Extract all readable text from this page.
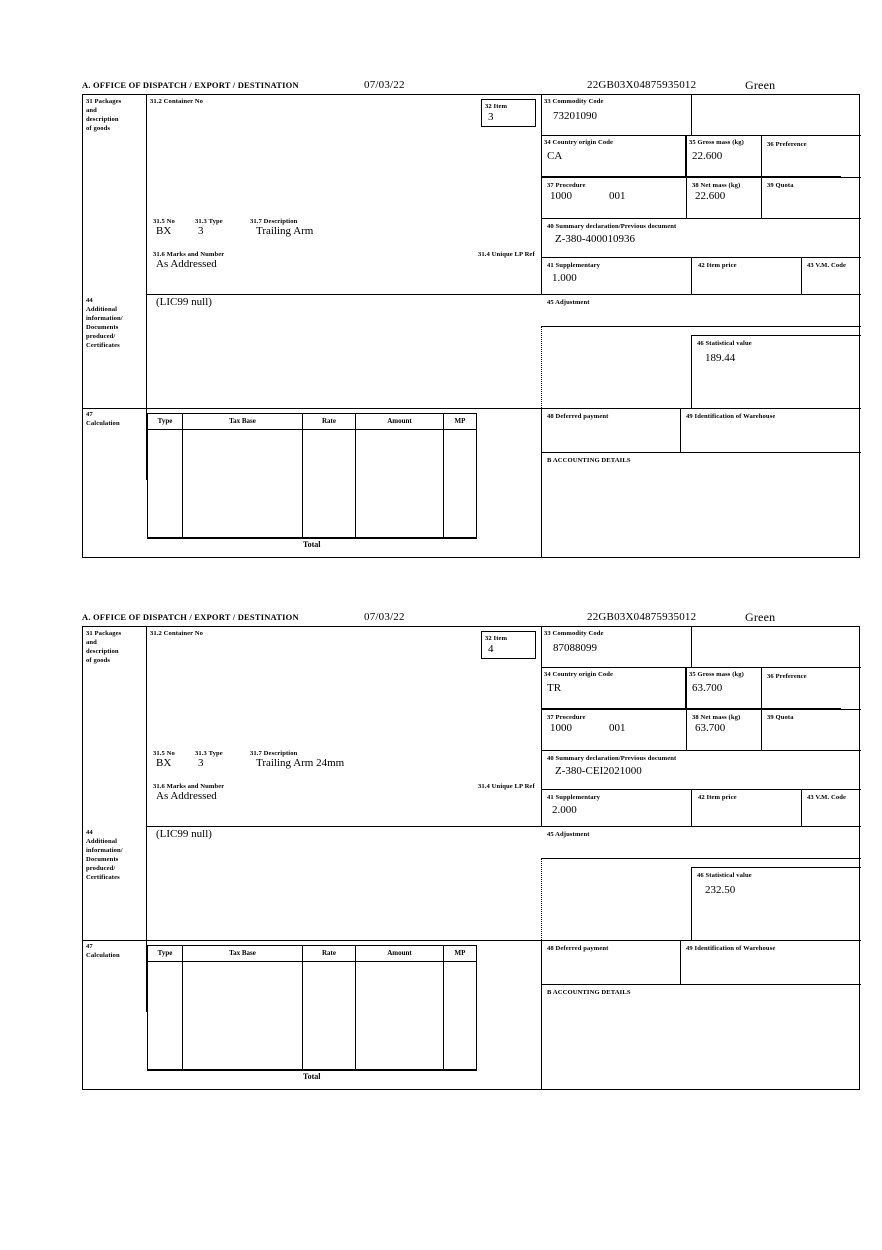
A. OFFICE OF DISPATCH / EXPORT / DESTINATION	07/03/22	22GB03X04875935012	Green
31 Packages
and
description
of goods
31.2 Container No
31.5 No	31.3 Type	31.7 Description
BX	3	Trailing Arm
31.6 Marks and Number	31.4 Unique LP Ref
As Addressed
32 Item
3
33 Commodity Code
73201090
34 Country origin Code
CA
35 Gross mass (kg)
22.600
36 Preference
37 Procedure
1000	001
38 Net mass (kg)
22.600
39 Quota
40 Summary declaration/Previous document
Z-380-400010936
41 Supplementary
1.000
42 Item price	43 V.M. Code
45 Adjustment
46 Statistical value
189.44
44
Additional
information/
Documents
produced/
Certificates
(LIC99 null)
47
Calculation	Type	Tax Base	Rate	Amount	MP
Total
48 Deferred payment	49 Identification of Warehouse
B ACCOUNTING DETAILS
A. OFFICE OF DISPATCH / EXPORT / DESTINATION	07/03/22	22GB03X04875935012	Green
31 Packages
and
description
of goods
31.2 Container No
31.5 No	31.3 Type	31.7 Description
BX	3	Trailing Arm 24mm
31.6 Marks and Number	31.4 Unique LP Ref
As Addressed
32 Item
4
33 Commodity Code
87088099
34 Country origin Code
TR
35 Gross mass (kg)
63.700
36 Preference
37 Procedure
1000	001
38 Net mass (kg)
63.700
39 Quota
40 Summary declaration/Previous document
Z-380-CEI2021000
41 Supplementary
2.000
42 Item price	43 V.M. Code
45 Adjustment
46 Statistical value
232.50
44
Additional
information/
Documents
produced/
Certificates
(LIC99 null)
47
Calculation	Type	Tax Base	Rate	Amount	MP
Total
48 Deferred payment	49 Identification of Warehouse
B ACCOUNTING DETAILS
